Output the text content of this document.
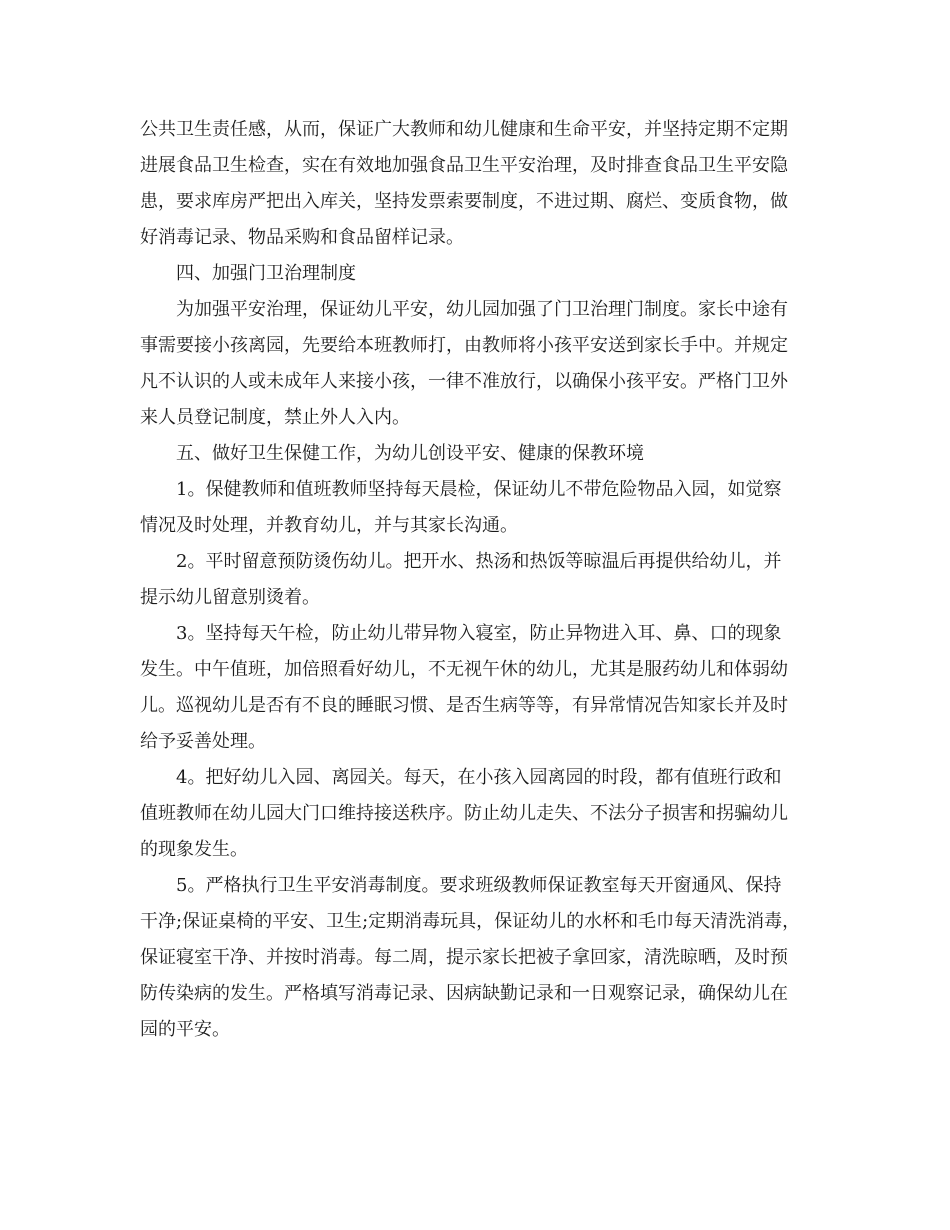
公共卫生责任感，从而，保证广大教师和幼儿健康和生命平安，并坚持定期不定期
进展食品卫生检查，实在有效地加强食品卫生平安治理，及时排查食品卫生平安隐
患，要求库房严把出入库关，坚持发票索要制度，不进过期、腐烂、变质食物，做
好消毒记录、物品采购和食品留样记录。
四、加强门卫治理制度
为加强平安治理，保证幼儿平安，幼儿园加强了门卫治理门制度。家长中途有
事需要接小孩离园，先要给本班教师打，由教师将小孩平安送到家长手中。并规定
凡不认识的人或未成年人来接小孩，一律不准放行，以确保小孩平安。严格门卫外
来人员登记制度，禁止外人入内。
五、做好卫生保健工作，为幼儿创设平安、健康的保教环境
1。保健教师和值班教师坚持每天晨检，保证幼儿不带危险物品入园，如觉察
情况及时处理，并教育幼儿，并与其家长沟通。
2。平时留意预防烫伤幼儿。把开水、热汤和热饭等晾温后再提供给幼儿，并
提示幼儿留意别烫着。
3。坚持每天午检，防止幼儿带异物入寝室，防止异物进入耳、鼻、口的现象
发生。中午值班，加倍照看好幼儿，不无视午休的幼儿，尤其是服药幼儿和体弱幼
儿。巡视幼儿是否有不良的睡眠习惯、是否生病等等，有异常情况告知家长并及时
给予妥善处理。
4。把好幼儿入园、离园关。每天，在小孩入园离园的时段，都有值班行政和
值班教师在幼儿园大门口维持接送秩序。防止幼儿走失、不法分子损害和拐骗幼儿
的现象发生。
5。严格执行卫生平安消毒制度。要求班级教师保证教室每天开窗通风、保持
干净;保证桌椅的平安、卫生;定期消毒玩具，保证幼儿的水杯和毛巾每天清洗消毒，
保证寝室干净、并按时消毒。每二周，提示家长把被子拿回家，清洗晾晒，及时预
防传染病的发生。严格填写消毒记录、因病缺勤记录和一日观察记录，确保幼儿在
园的平安。
